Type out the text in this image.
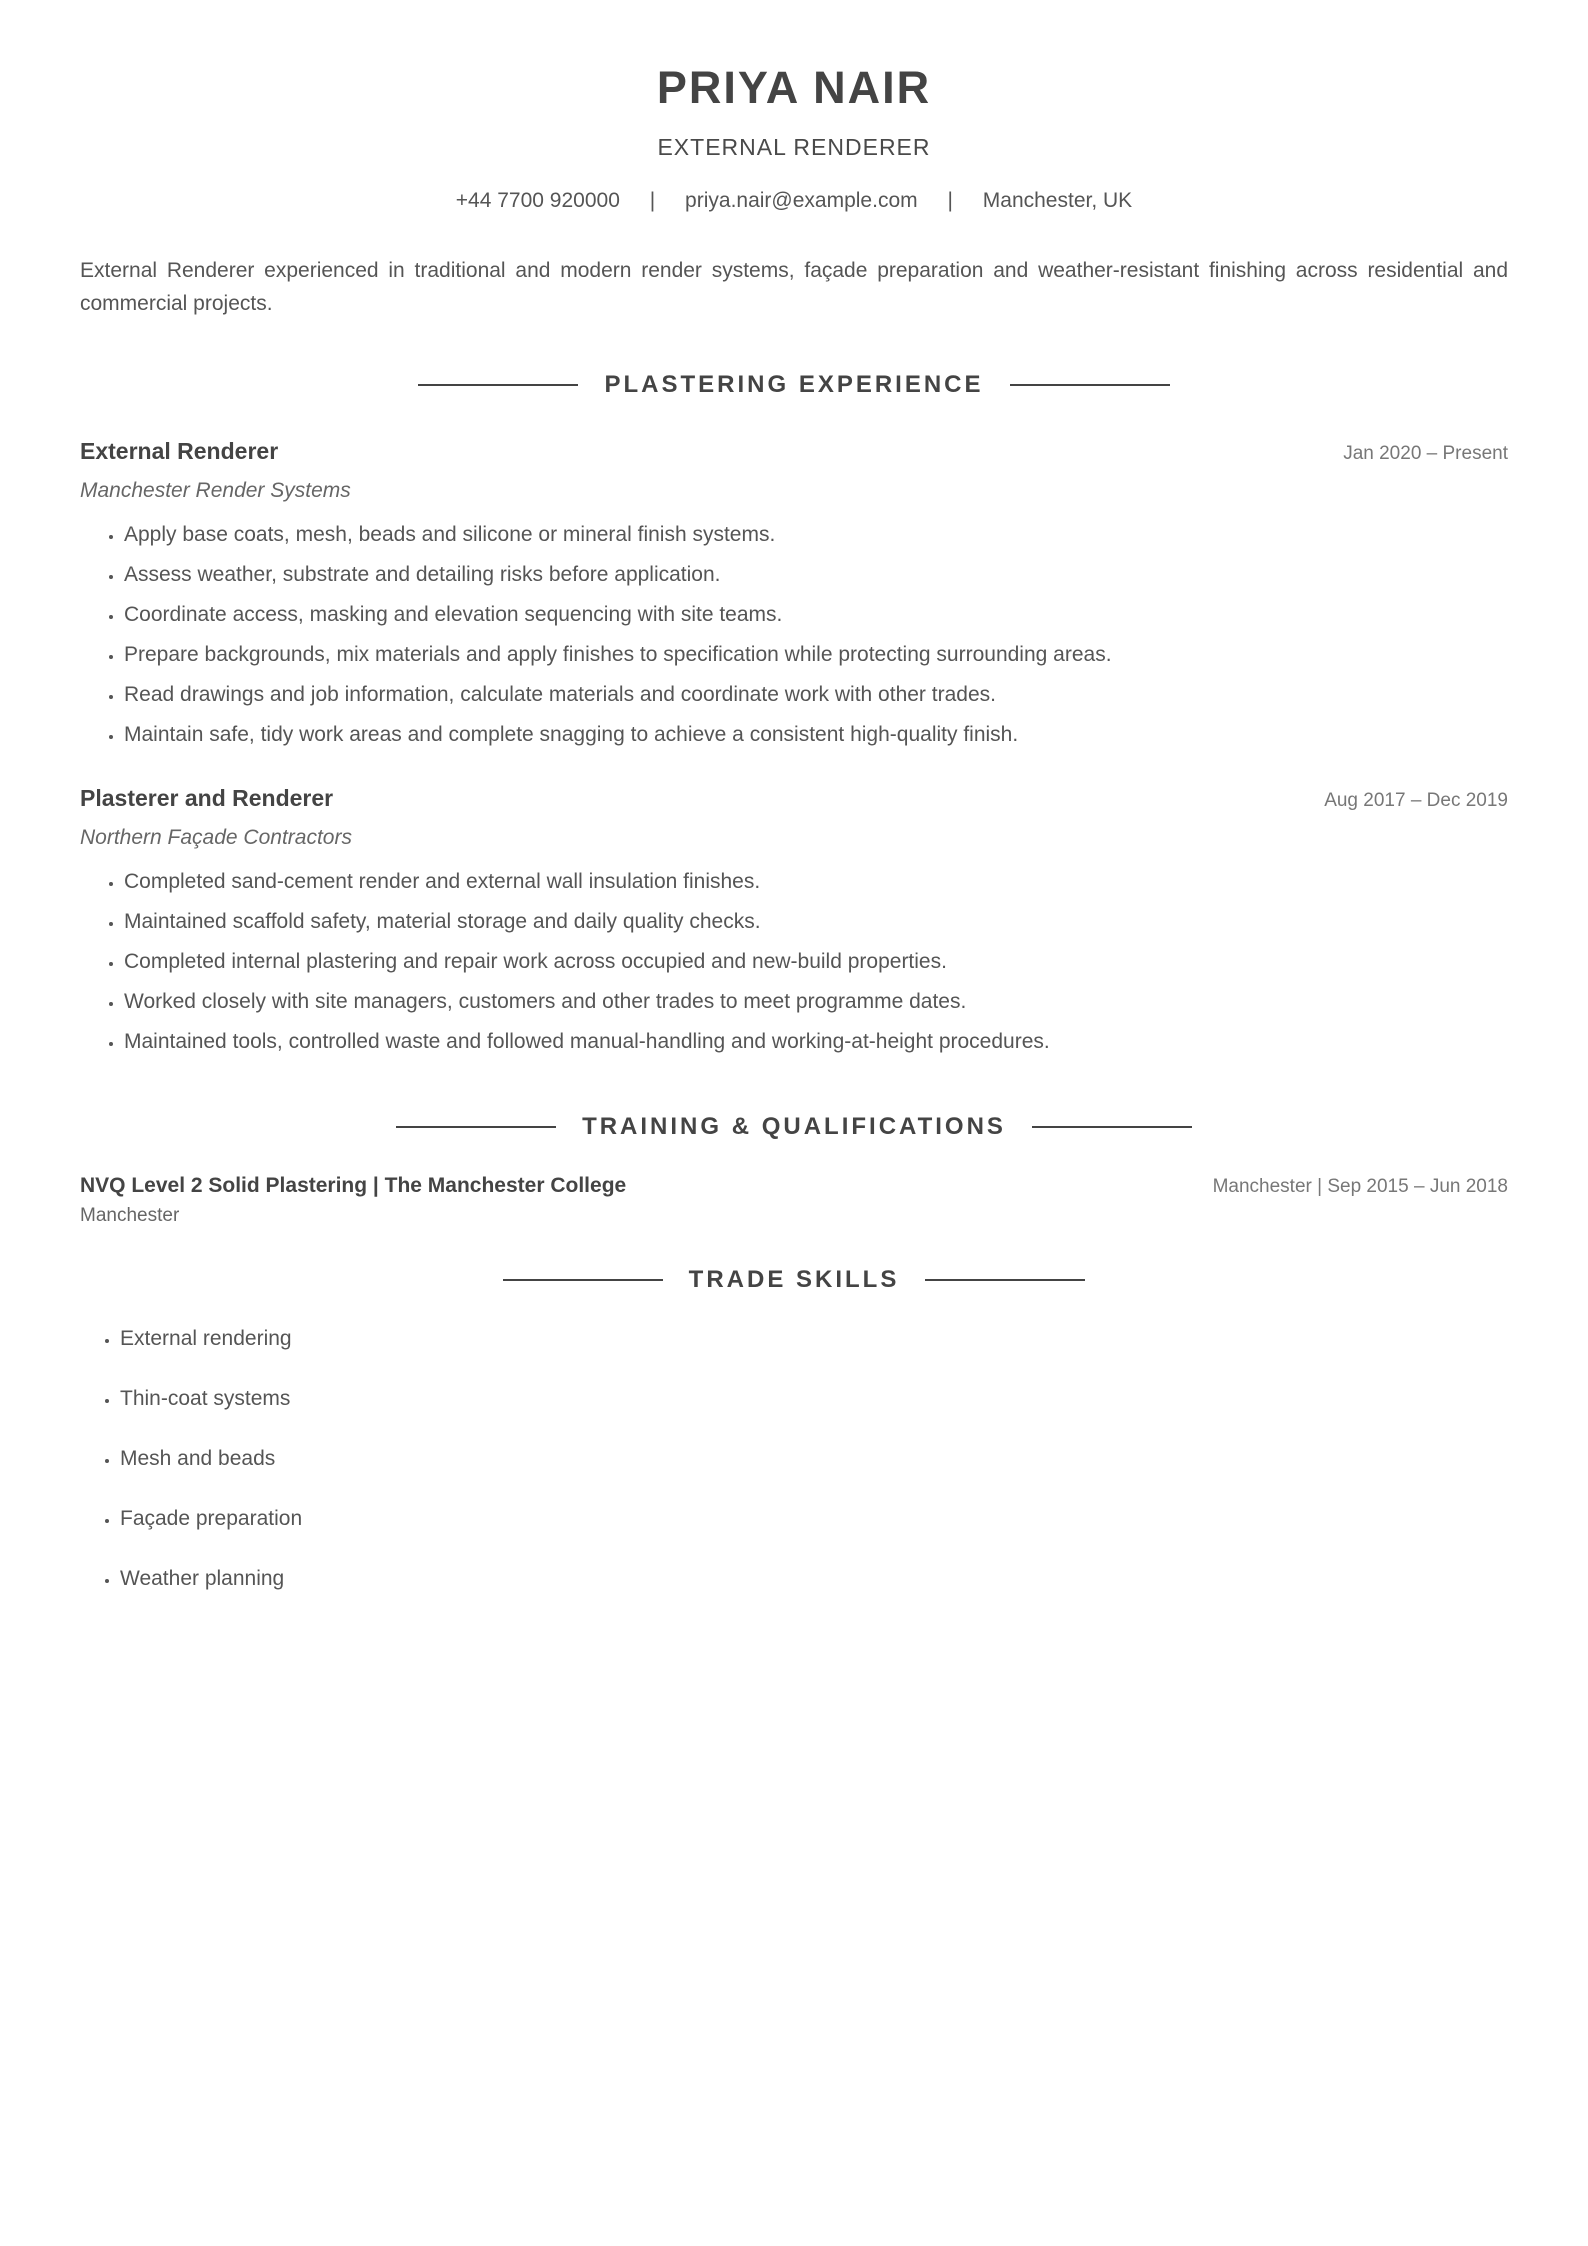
PRIYA NAIR
EXTERNAL RENDERER
+44 7700 920000 | priya.nair@example.com | Manchester, UK

External Renderer experienced in traditional and modern render systems, façade preparation and weather-resistant finishing across residential and commercial projects.

PLASTERING EXPERIENCE
External Renderer	Jan 2020 – Present
Manchester Render Systems
• Apply base coats, mesh, beads and silicone or mineral finish systems.
• Assess weather, substrate and detailing risks before application.
• Coordinate access, masking and elevation sequencing with site teams.
• Prepare backgrounds, mix materials and apply finishes to specification while protecting surrounding areas.
• Read drawings and job information, calculate materials and coordinate work with other trades.
• Maintain safe, tidy work areas and complete snagging to achieve a consistent high-quality finish.
Plasterer and Renderer	Aug 2017 – Dec 2019
Northern Façade Contractors
• Completed sand-cement render and external wall insulation finishes.
• Maintained scaffold safety, material storage and daily quality checks.
• Completed internal plastering and repair work across occupied and new-build properties.
• Worked closely with site managers, customers and other trades to meet programme dates.
• Maintained tools, controlled waste and followed manual-handling and working-at-height procedures.
TRAINING & QUALIFICATIONS
NVQ Level 2 Solid Plastering | The Manchester College	Manchester | Sep 2015 – Jun 2018
Manchester
TRADE SKILLS
• External rendering
• Thin-coat systems
• Mesh and beads
• Façade preparation
• Weather planning
